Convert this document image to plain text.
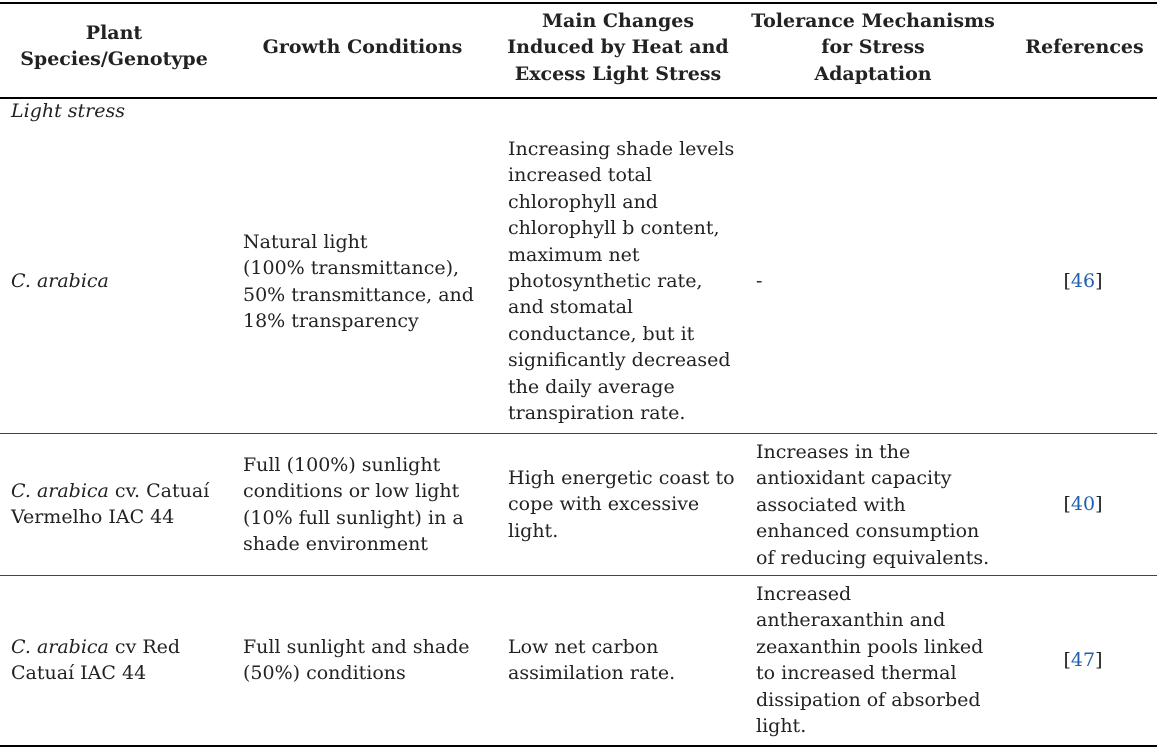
Plant
Species/Genotype
Growth Conditions
Main Changes
Induced by Heat and
Excess Light Stress
Tolerance Mechanisms
for Stress
Adaptation
References
Light stress
C. arabica
Natural light
(100% transmittance),
50% transmittance, and
18% transparency
Increasing shade levels
increased total
chlorophyll and
chlorophyll b content,
maximum net
photosynthetic rate,
and stomatal
conductance, but it
significantly decreased
the daily average
transpiration rate.
-	[46]
C. arabica cv. Catuaí
Vermelho IAC 44
Full (100%) sunlight
conditions or low light
(10% full sunlight) in a
shade environment
High energetic coast to
cope with excessive
light.
Increases in the
antioxidant capacity
associated with
enhanced consumption
of reducing equivalents.
[40]
C. arabica cv Red
Catuaí IAC 44
Full sunlight and shade
(50%) conditions
Low net carbon
assimilation rate.
Increased
antheraxanthin and
zeaxanthin pools linked
to increased thermal
dissipation of absorbed
light.
[47]
